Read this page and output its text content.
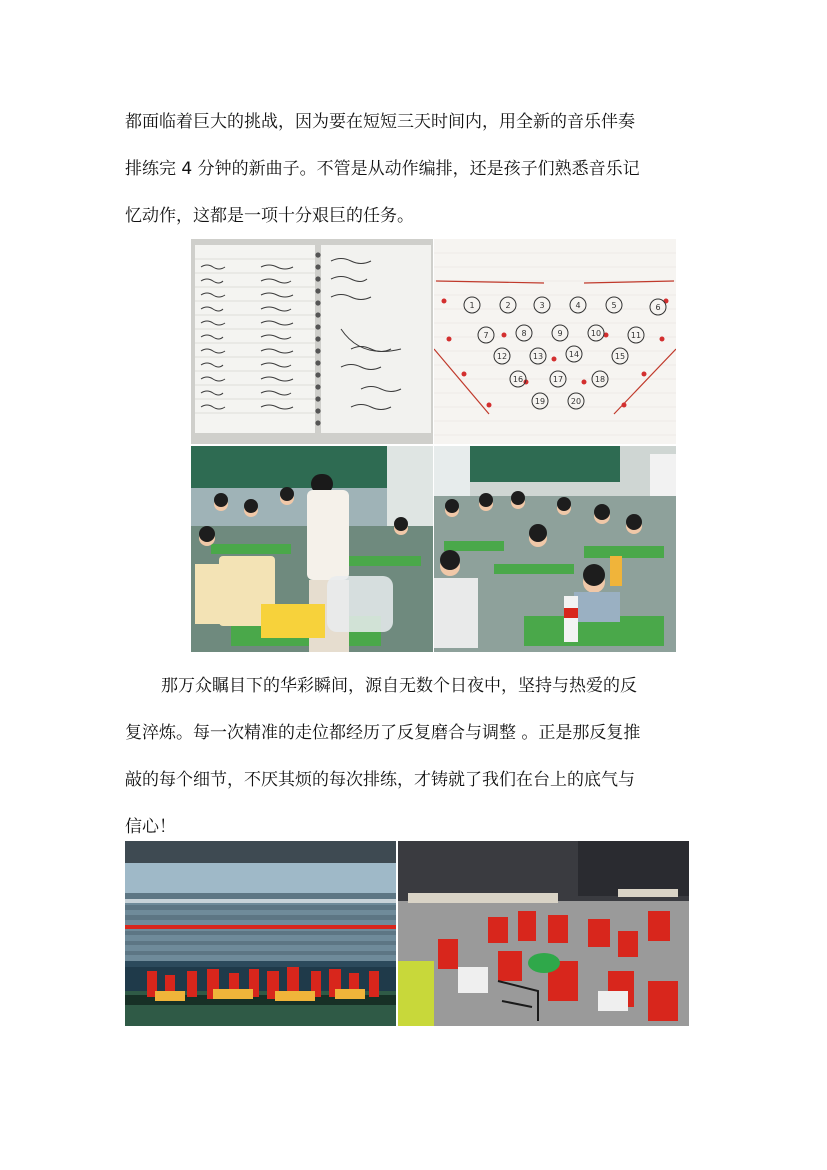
都面临着巨大的挑战，因为要在短短三天时间内，用全新的音乐伴奏
排练完 4 分钟的新曲子。不管是从动作编排，还是孩子们熟悉音乐记
忆动作，这都是一项十分艰巨的任务。
1	2	3	4	5	6
7	8	9	10	11
12	13	14	15
16	17	18
19	20
那万众瞩目下的华彩瞬间，源自无数个日夜中，坚持与热爱的反
复淬炼。每一次精准的走位都经历了反复磨合与调整 。正是那反复推
敲的每个细节，不厌其烦的每次排练，才铸就了我们在台上的底气与
信心！
